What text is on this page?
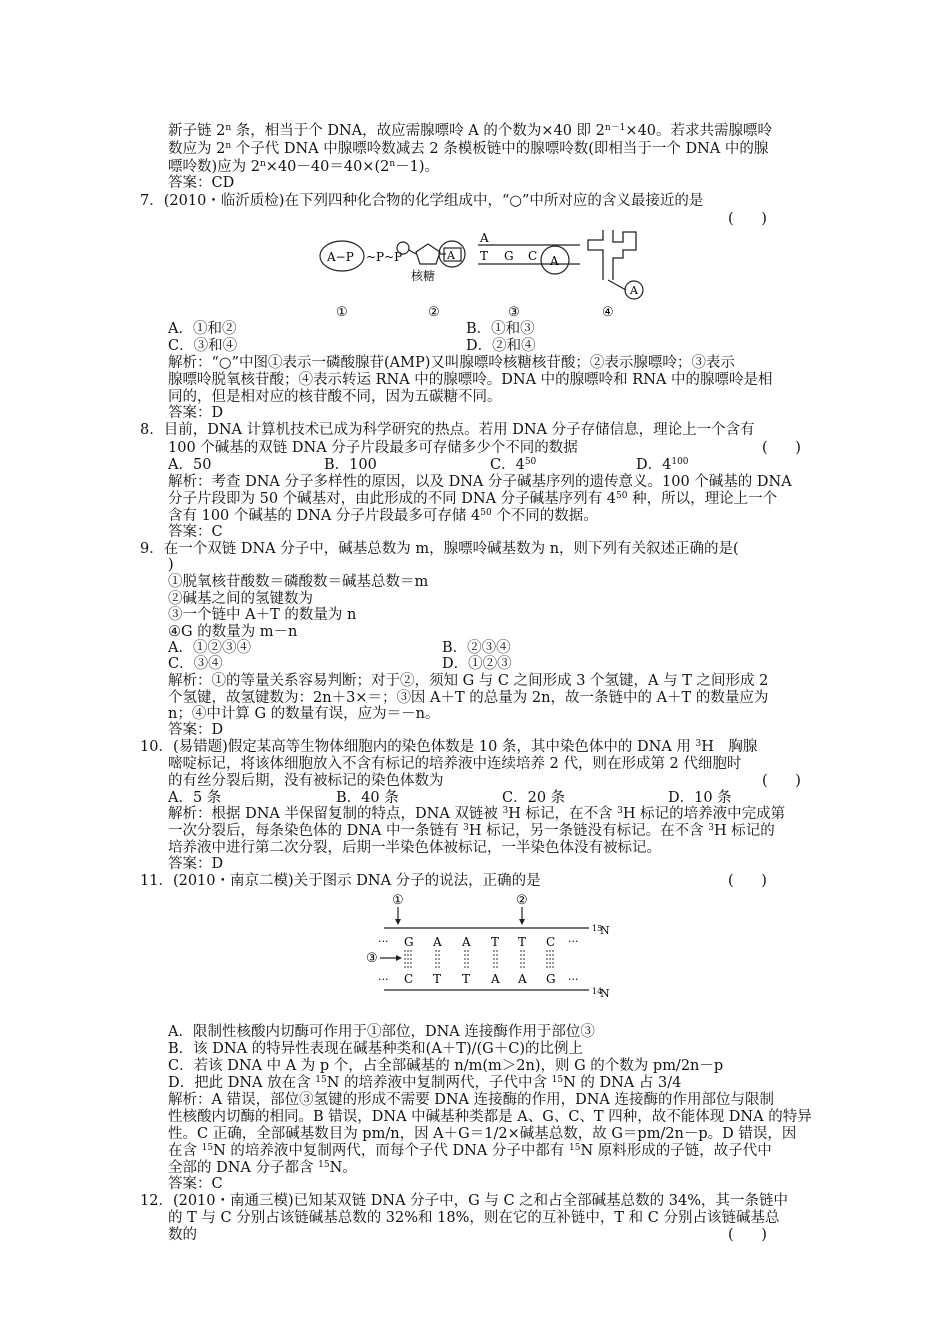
新子链 2$^n$ 条，相当于个 DNA，故应需腺嘌呤 A 的个数为×40 即 $2^{n-1}\times 40$。若求共需腺嘌呤
数应为 2$^n$ 个子代 DNA 中腺嘌呤数减去 2 条模板链中的腺嘌呤数(即相当于一个 DNA 中的腺
嘌呤数)应为 $2^n\times 40-40=40\times(2^n-1)$。
答案：CD
7．(2010・临沂质检)在下列四种化合物的化学组成中，“○”中所对应的含义最接近的是
(      )
A−P ~P~P
①
A
核糖
②
A
T G C A
③
A
④
A．①和②	B．①和③
C．③和④	D．②和④
解析：“○”中图①表示一磷酸腺苷(AMP)又叫腺嘌呤核糖核苷酸；②表示腺嘌呤；③表示
腺嘌呤脱氧核苷酸；④表示转运 RNA 中的腺嘌呤。DNA 中的腺嘌呤和 RNA 中的腺嘌呤是相
同的，但是相对应的核苷酸不同，因为五碳糖不同。
答案：D
8．目前，DNA 计算机技术已成为科学研究的热点。若用 DNA 分子存储信息，理论上一个含有
100 个碱基的双链 DNA 分子片段最多可存储多少个不同的数据	(      )
A．50	B．100	C．$4^{50}$	D．$4^{100}$
解析：考查 DNA 分子多样性的原因，以及 DNA 分子碱基序列的遗传意义。100 个碱基的 DNA
分子片段即为 50 个碱基对，由此形成的不同 DNA 分子碱基序列有 $4^{50}$ 种，所以，理论上一个
含有 100 个碱基的 DNA 分子片段最多可存储 $4^{50}$ 个不同的数据。
答案：C
9．在一个双链 DNA 分子中，碱基总数为 m，腺嘌呤碱基数为 n，则下列有关叙述正确的是(
)
①脱氧核苷酸数＝磷酸数＝碱基总数＝m
②碱基之间的氢键数为
③一个链中 A＋T 的数量为 n
④G 的数量为 m－n
A．①②③④	B．②③④
C．③④	D．①②③
解析：①的等量关系容易判断；对于②，须知 G 与 C 之间形成 3 个氢键，A 与 T 之间形成 2
个氢键，故氢键数为：2n＋3×＝；③因 A＋T 的总量为 2n，故一条链中的 A＋T 的数量应为
n；④中计算 G 的数量有误，应为＝－n。
答案：D
10．(易错题)假定某高等生物体细胞内的染色体数是 10 条，其中染色体中的 DNA 用 $^3$H　胸腺
嘧啶标记，将该体细胞放入不含有标记的培养液中连续培养 2 代，则在形成第 2 代细胞时
的有丝分裂后期，没有被标记的染色体数为	(      )
A．5 条	B．40 条	C．20 条	D．10 条
解析：根据 DNA 半保留复制的特点，DNA 双链被 $^3$H 标记，在不含 $^3$H 标记的培养液中完成第
一次分裂后，每条染色体的 DNA 中一条链有 $^3$H 标记，另一条链没有标记。在不含 $^3$H 标记的
培养液中进行第二次分裂，后期一半染色体被标记，一半染色体没有被标记。
答案：D
11．(2010・南京二模)关于图示 DNA 分子的说法，正确的是	(      )
①	②
15
N
··· G A A T T C ···
③
··· C T T A A G ···
14
N
A．限制性核酸内切酶可作用于①部位，DNA 连接酶作用于部位③
B．该 DNA 的特异性表现在碱基种类和(A＋T)/(G＋C)的比例上
C．若该 DNA 中 A 为 p 个，占全部碱基的 n/m(m＞2n)，则 G 的个数为 pm/2n－p
D．把此 DNA 放在含 $^{15}$N 的培养液中复制两代，子代中含 $^{15}$N 的 DNA 占 3/4
解析：A 错误，部位③氢键的形成不需要 DNA 连接酶的作用，DNA 连接酶的作用部位与限制
性核酸内切酶的相同。B 错误，DNA 中碱基种类都是 A、G、C、T 四种，故不能体现 DNA 的特异
性。C 正确，全部碱基数目为 pm/n，因 A＋G＝1/2×碱基总数，故 G＝pm/2n－p。D 错误，因
在含 $^{15}$N 的培养液中复制两代，而每个子代 DNA 分子中都有 $^{15}$N 原料形成的子链，故子代中
全部的 DNA 分子都含 $^{15}$N。
答案：C
12．(2010・南通三模)已知某双链 DNA 分子中，G 与 C 之和占全部碱基总数的 34%，其一条链中
的 T 与 C 分别占该链碱基总数的 32%和 18%，则在它的互补链中，T 和 C 分别占该链碱基总
数的	(      )
